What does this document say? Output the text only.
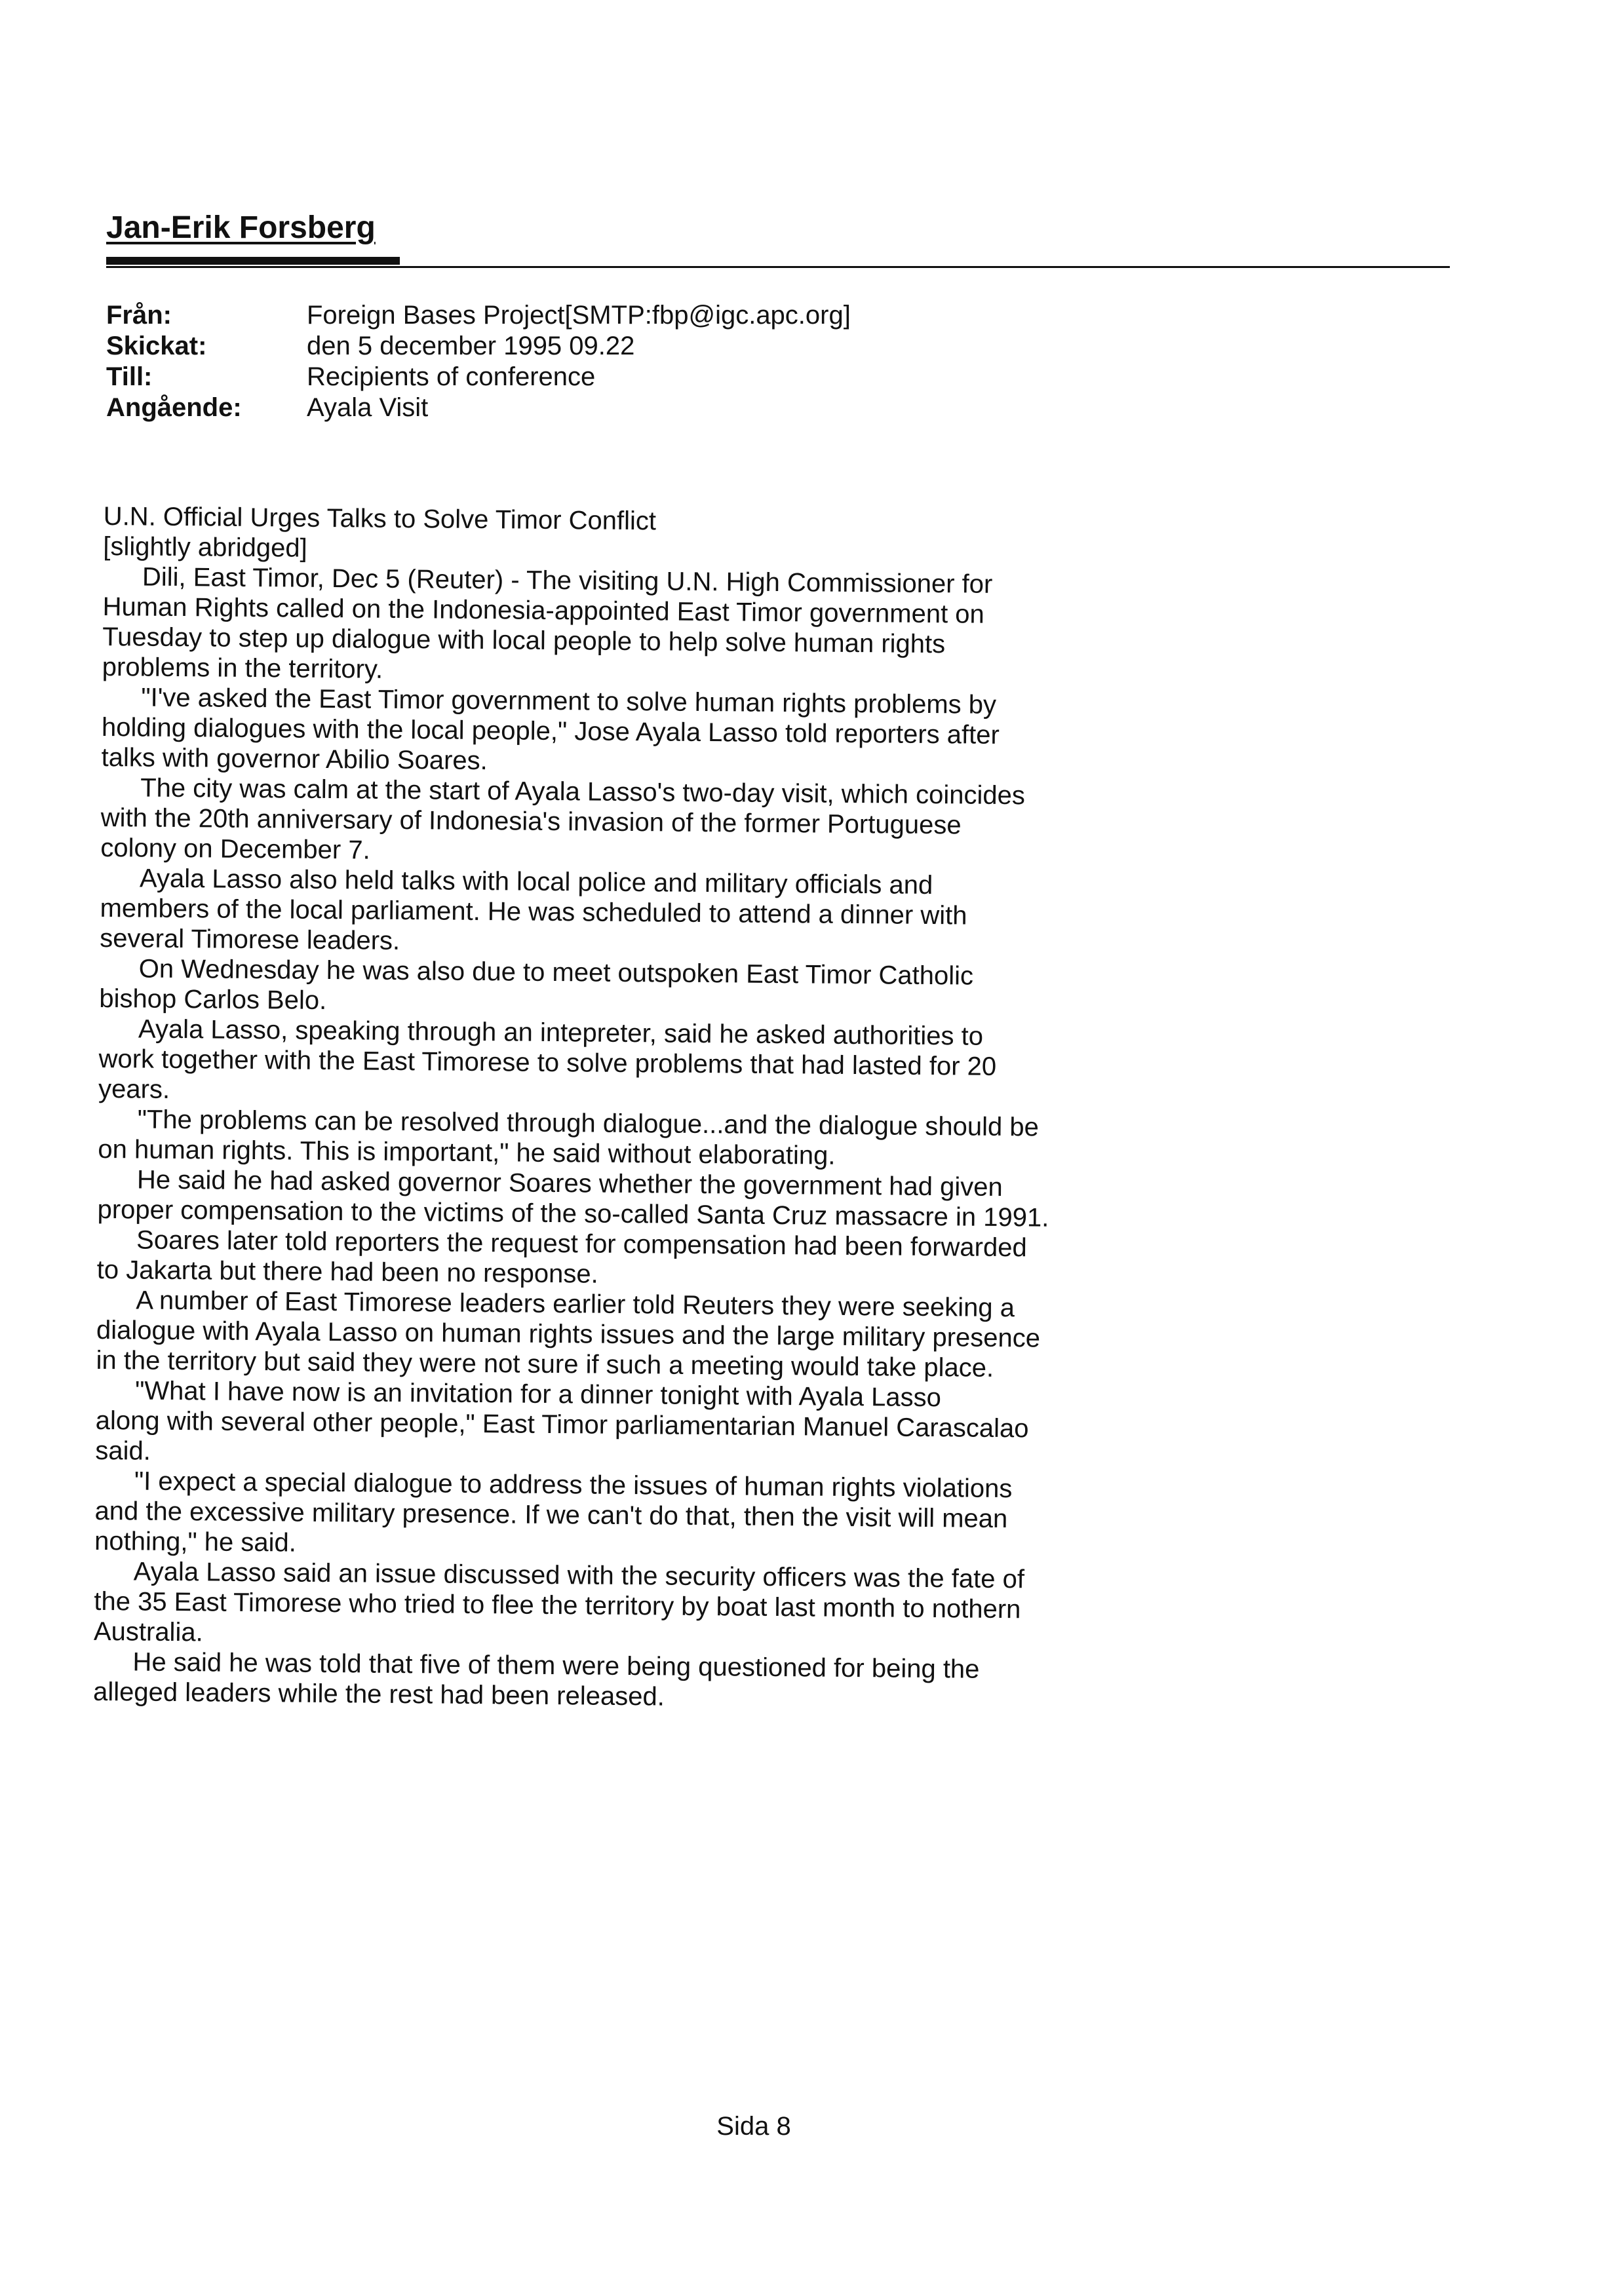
Jan-Erik Forsberg
Från:	Foreign Bases Project[SMTP:fbp@igc.apc.org]
Skickat:	den 5 december 1995 09.22
Till:	Recipients of conference
Angående:	Ayala Visit
U.N. Official Urges Talks to Solve Timor Conflict
[slightly abridged]
Dili, East Timor, Dec 5 (Reuter) - The visiting U.N. High Commissioner for
Human Rights called on the Indonesia-appointed East Timor government on
Tuesday to step up dialogue with local people to help solve human rights
problems in the territory.
"I've asked the East Timor government to solve human rights problems by
holding dialogues with the local people," Jose Ayala Lasso told reporters after
talks with governor Abilio Soares.
The city was calm at the start of Ayala Lasso's two-day visit, which coincides
with the 20th anniversary of Indonesia's invasion of the former Portuguese
colony on December 7.
Ayala Lasso also held talks with local police and military officials and
members of the local parliament. He was scheduled to attend a dinner with
several Timorese leaders.
On Wednesday he was also due to meet outspoken East Timor Catholic
bishop Carlos Belo.
Ayala Lasso, speaking through an intepreter, said he asked authorities to
work together with the East Timorese to solve problems that had lasted for 20
years.
"The problems can be resolved through dialogue...and the dialogue should be
on human rights. This is important," he said without elaborating.
He said he had asked governor Soares whether the government had given
proper compensation to the victims of the so-called Santa Cruz massacre in 1991.
Soares later told reporters the request for compensation had been forwarded
to Jakarta but there had been no response.
A number of East Timorese leaders earlier told Reuters they were seeking a
dialogue with Ayala Lasso on human rights issues and the large military presence
in the territory but said they were not sure if such a meeting would take place.
"What I have now is an invitation for a dinner tonight with Ayala Lasso
along with several other people," East Timor parliamentarian Manuel Carascalao
said.
"I expect a special dialogue to address the issues of human rights violations
and the excessive military presence. If we can't do that, then the visit will mean
nothing," he said.
Ayala Lasso said an issue discussed with the security officers was the fate of
the 35 East Timorese who tried to flee the territory by boat last month to nothern
Australia.
He said he was told that five of them were being questioned for being the
alleged leaders while the rest had been released.
Sida 8
